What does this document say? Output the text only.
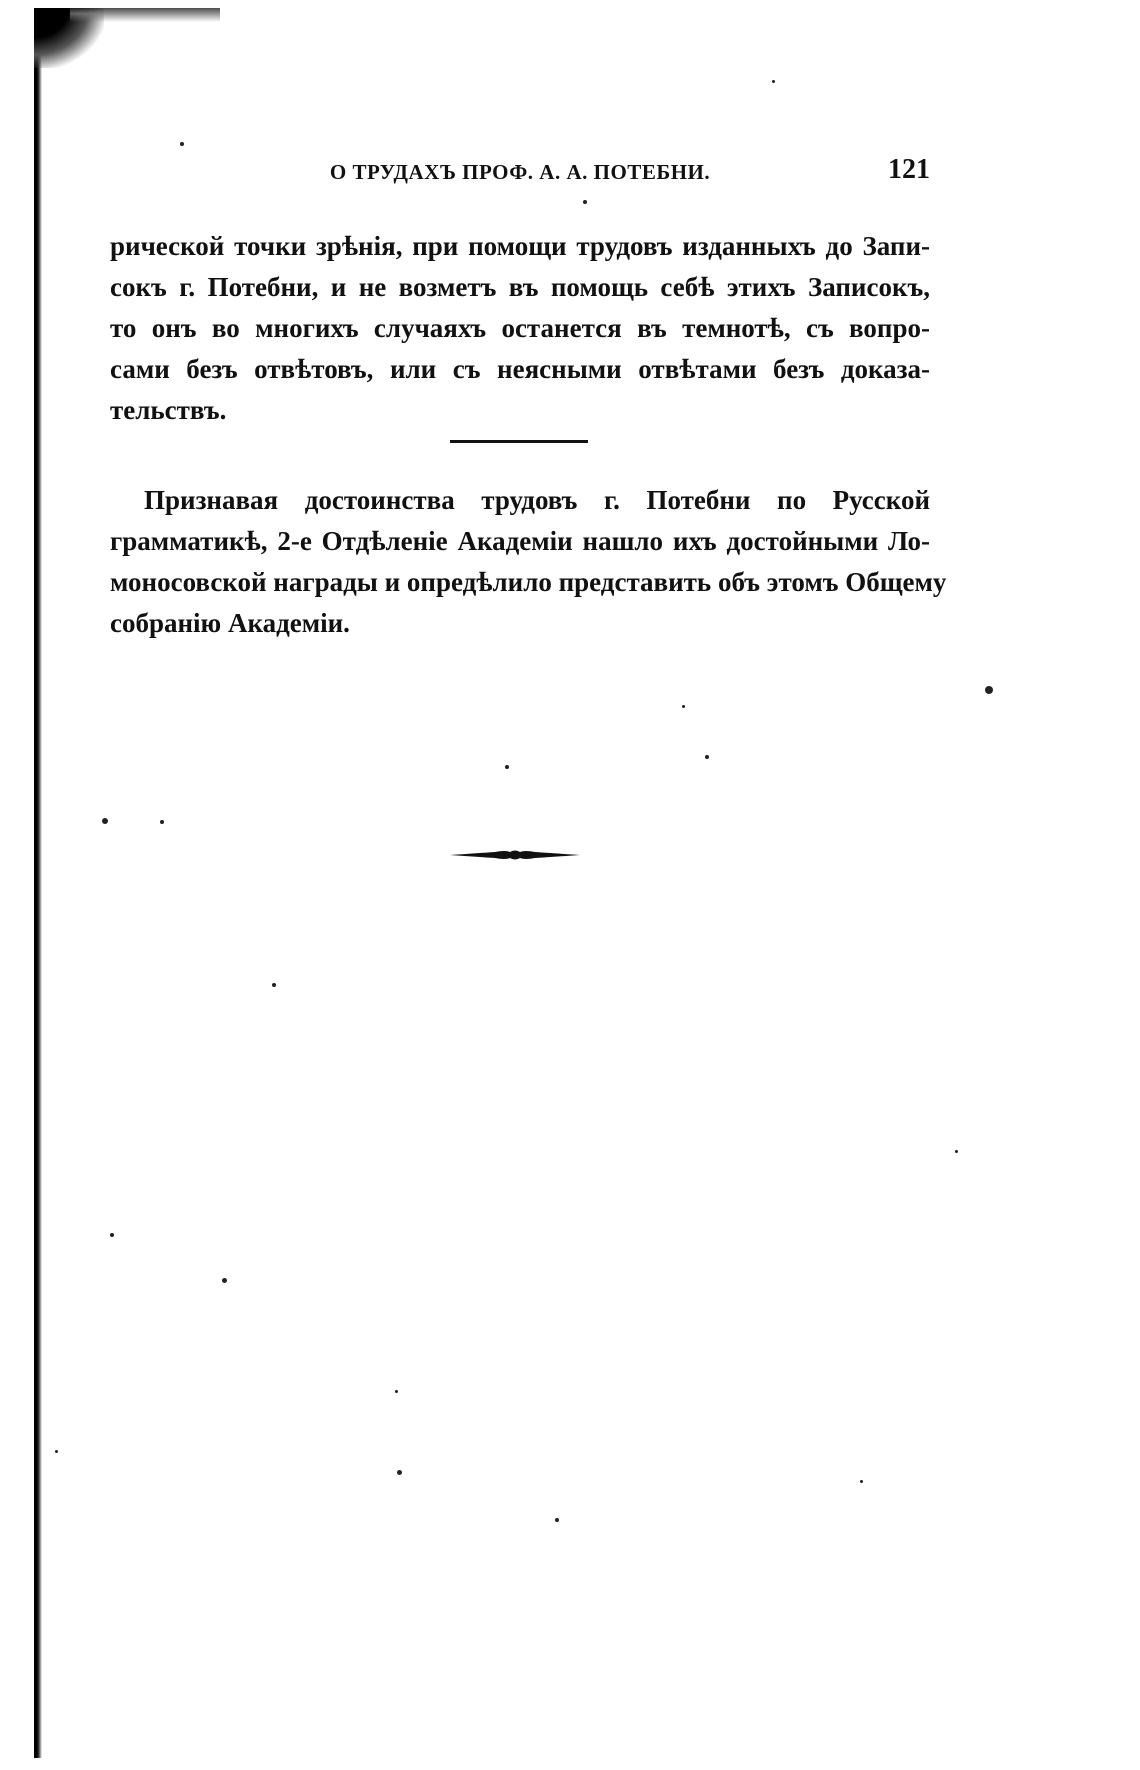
О ТРУДАХЪ ПРОФ. А. А. ПОТЕБНИ.	121
рической точки зрѣнія, при помощи трудовъ изданныхъ до Запи-
сокъ г. Потебни, и не возметъ въ помощь себѣ этихъ Записокъ,
то онъ во многихъ случаяхъ останется въ темнотѣ, съ вопро-
сами безъ отвѣтовъ, или съ неясными отвѣтами безъ доказа-
тельствъ.
Признавая достоинства трудовъ г. Потебни по Русской
грамматикѣ, 2-е Отдѣленіе Академіи нашло ихъ достойными Ло-
моносовской награды и опредѣлило представить объ этомъ Общему
собранію Академіи.
